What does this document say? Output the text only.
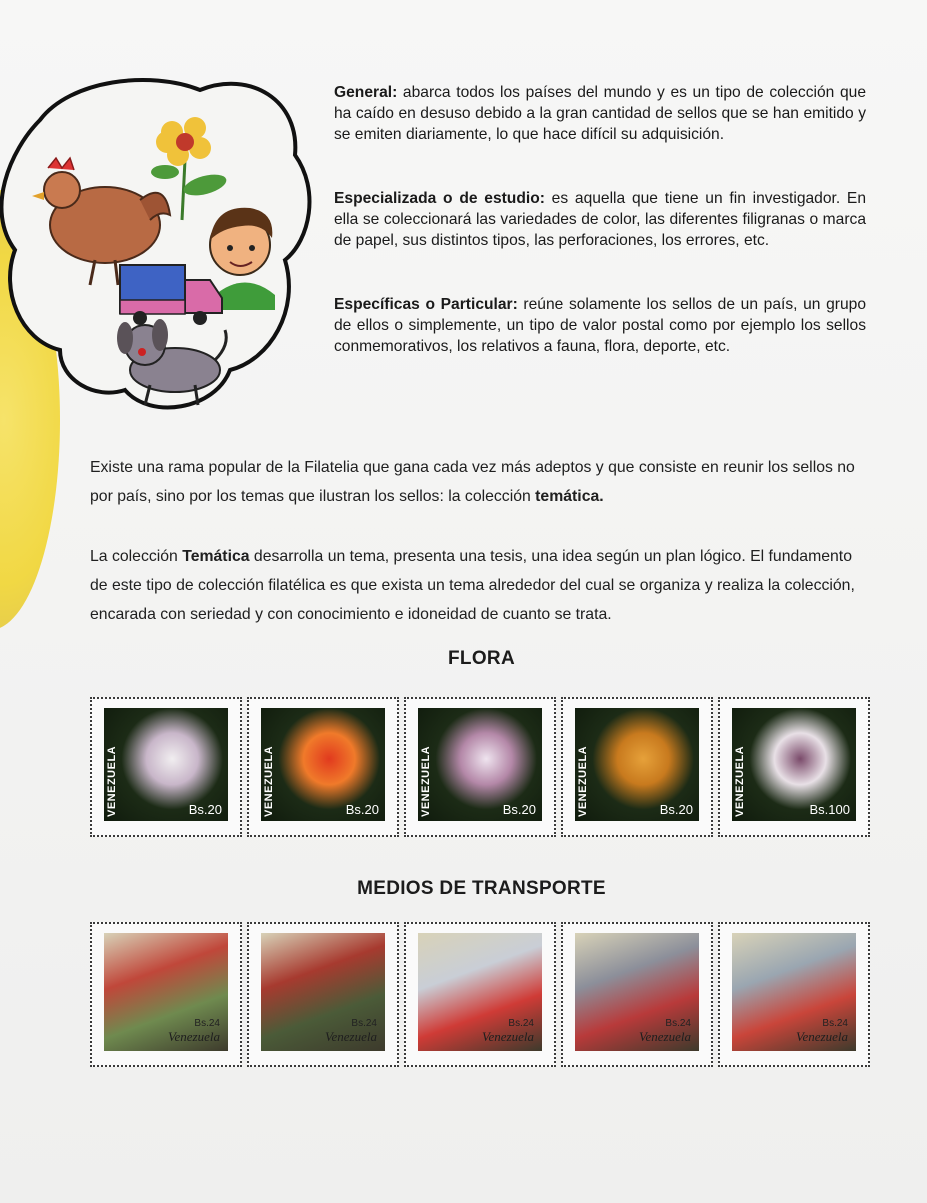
General: abarca todos los países del mundo y es un tipo de colección que ha caído en desuso debido a la gran cantidad de sellos que se han emitido y se emiten diariamente, lo que hace difícil su adquisición.

Especializada o de estudio: es aquella que tiene un fin investigador. En ella se coleccionará las variedades de color, las diferentes filigranas o marca de papel, sus distintos tipos, las perforaciones, los errores, etc.

Específicas o Particular: reúne solamente los sellos de un país, un grupo de ellos o simplemente, un tipo de valor postal como por ejemplo los sellos conmemorativos, los relativos a fauna, flora, deporte, etc.

Existe una rama popular de la Filatelia que gana cada vez más adeptos y que consiste en reunir los sellos no por país, sino por los temas que ilustran los sellos: la colección temática.

La colección Temática desarrolla un tema, presenta una tesis, una idea según un plan lógico. El fundamento de este tipo de colección filatélica es que exista un tema alrededor del cual se organiza y realiza la colección, encarada con seriedad y con conocimiento e idoneidad de cuanto se trata.

FLORA
VENEZUELA	Bs.20	VENEZUELA	Bs.20	VENEZUELA	Bs.20	VENEZUELA	Bs.20	VENEZUELA	Bs.100
MEDIOS DE TRANSPORTE
Bs.24
Venezuela
Bs.24
Venezuela
Bs.24
Venezuela
Bs.24
Venezuela
Bs.24
Venezuela
